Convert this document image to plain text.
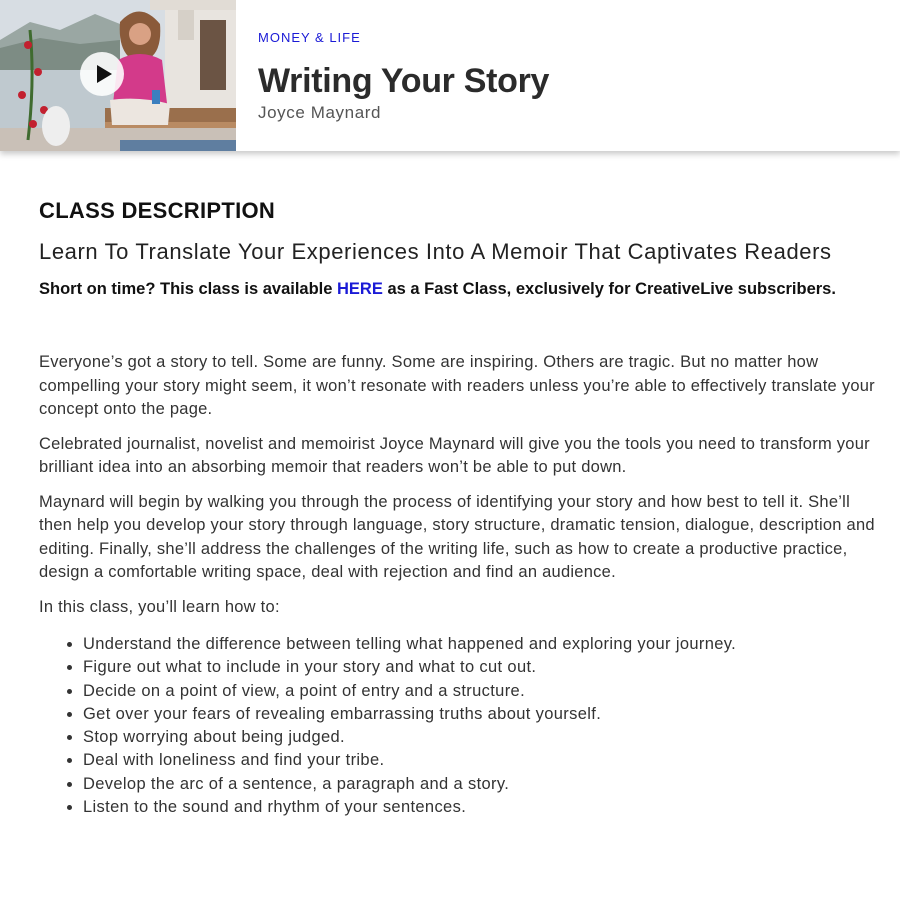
MONEY & LIFE
Writing Your Story
Joyce Maynard
CLASS DESCRIPTION
Learn To Translate Your Experiences Into A Memoir That Captivates Readers
Short on time? This class is available HERE as a Fast Class, exclusively for CreativeLive subscribers.

Everyone’s got a story to tell. Some are funny. Some are inspiring. Others are tragic. But no matter how compelling your story might seem, it won’t resonate with readers unless you’re able to effectively translate your concept onto the page.

Celebrated journalist, novelist and memoirist Joyce Maynard will give you the tools you need to transform your brilliant idea into an absorbing memoir that readers won’t be able to put down.

Maynard will begin by walking you through the process of identifying your story and how best to tell it. She’ll then help you develop your story through language, story structure, dramatic tension, dialogue, description and editing. Finally, she’ll address the challenges of the writing life, such as how to create a productive practice, design a comfortable writing space, deal with rejection and find an audience.

In this class, you’ll learn how to:

• Understand the difference between telling what happened and exploring your journey.
• Figure out what to include in your story and what to cut out.
• Decide on a point of view, a point of entry and a structure.
• Get over your fears of revealing embarrassing truths about yourself.
• Stop worrying about being judged.
• Deal with loneliness and find your tribe.
• Develop the arc of a sentence, a paragraph and a story.
• Listen to the sound and rhythm of your sentences.
